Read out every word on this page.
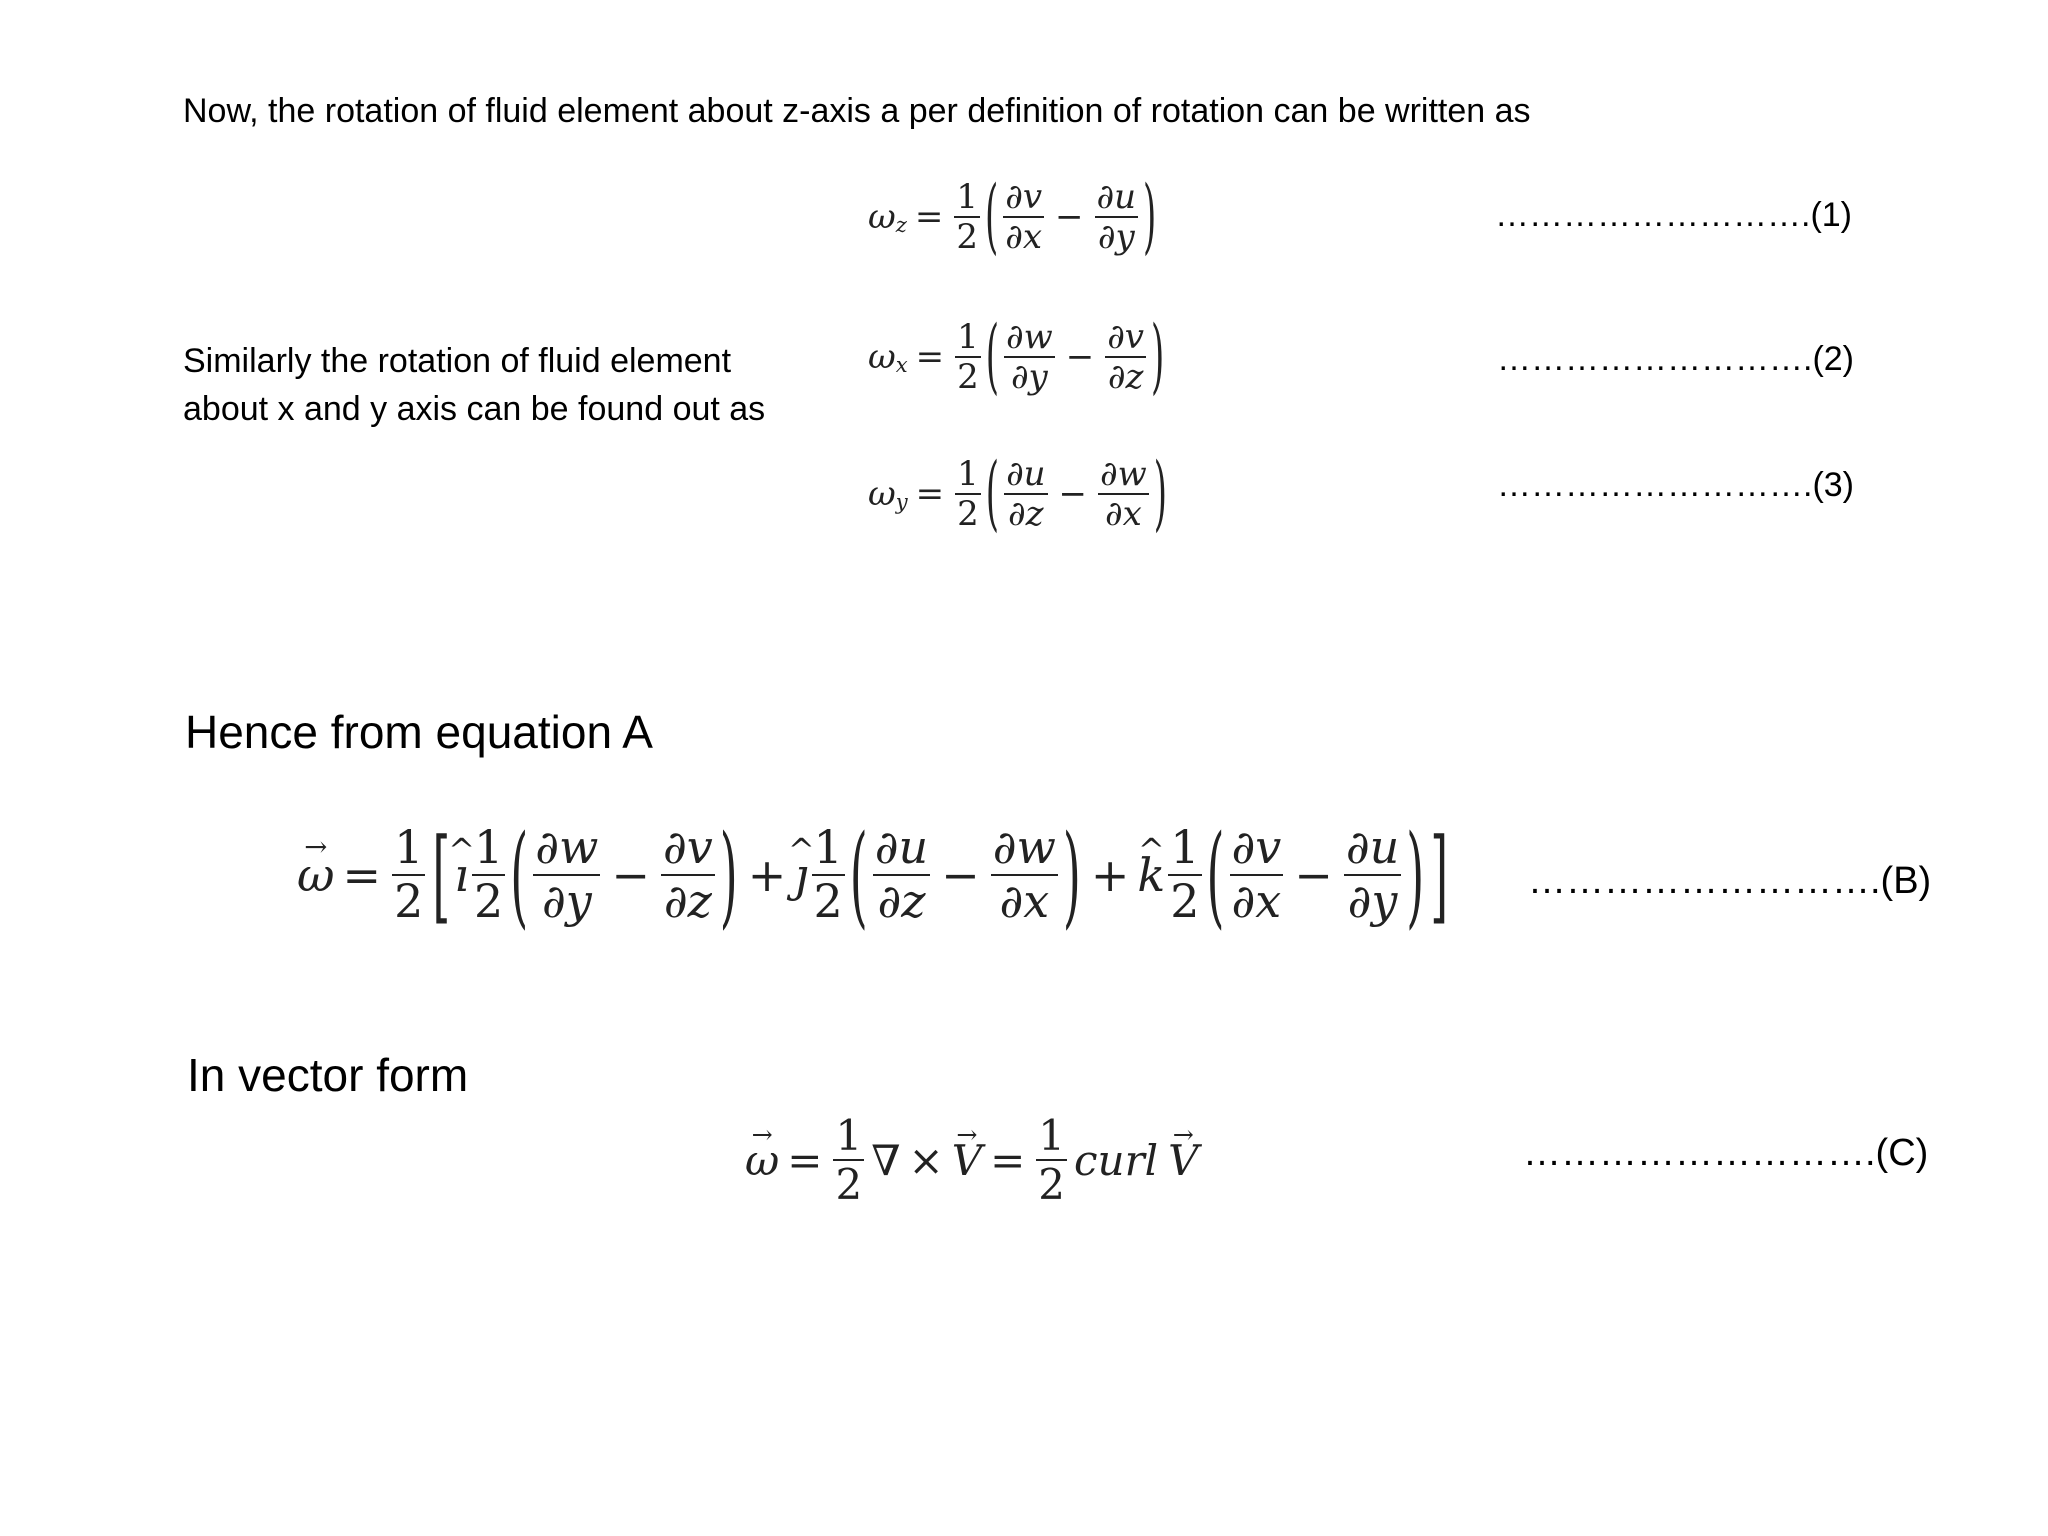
Now, the rotation of fluid element about z-axis a per definition of rotation can be written as
ω $z = \frac{1}{2}$ ( $\frac{\partial v}{\partial x} - \frac{\partial u}{\partial y}$ )	……………………….(1)
Similarly the rotation of fluid element
about x and y axis can be found out as
ω $x = \frac{1}{2}$ ( $\frac{\partial w}{\partial y} - \frac{\partial v}{\partial z}$ )	……………………….(2)
ω $y = \frac{1}{2}$ ( $\frac{\partial u}{\partial z} - \frac{\partial w}{\partial x}$ )	……………………….(3)
Hence from equation A
→ $\omega = \frac{1}{2}$ [ ^ ı $\frac{1}{2}$ ( $\frac{\partial w}{\partial y} - \frac{\partial v}{\partial z}$ ) + ^ ȷ $\frac{1}{2}$ ( $\frac{\partial u}{\partial z} - \frac{\partial w}{\partial x}$ ) + ^ k $\frac{1}{2}$ ( $\frac{\partial v}{\partial x} - \frac{\partial u}{\partial y}$ ) ] ……………………….(B)
In vector form
→ $\omega = \frac{1}{2}$ ∇ × → $V = \frac{1}{2}$ curl → V	……………………….(C)
